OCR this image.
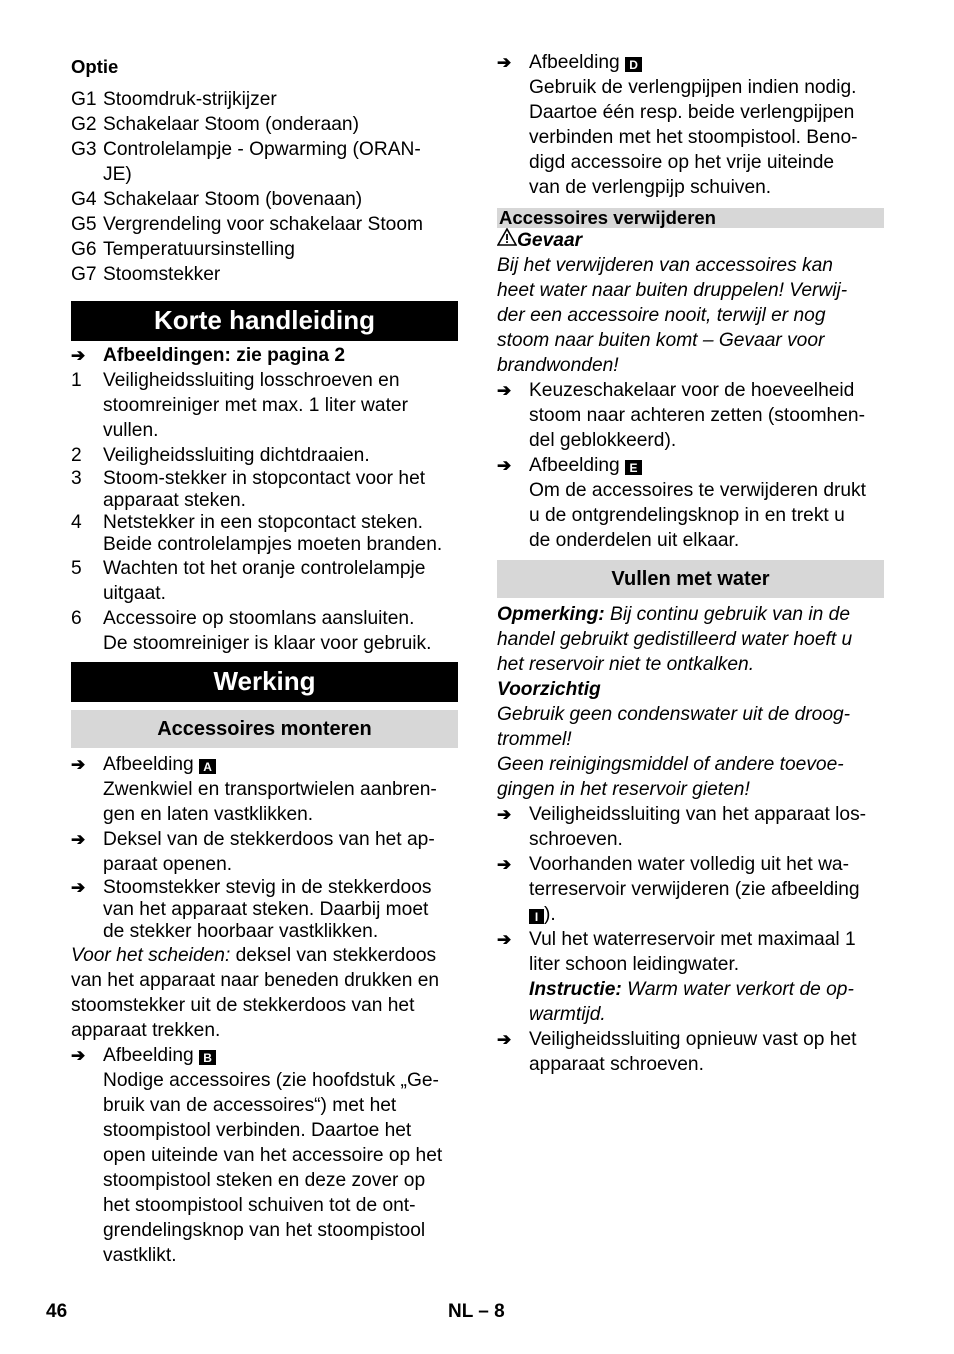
Optie

G1 Stoomdruk-strijkijzer
G2 Schakelaar Stoom (onderaan)
G3 Controlelampje - Opwarming (ORAN-
JE)
G4 Schakelaar Stoom (bovenaan)
G5 Vergrendeling voor schakelaar Stoom
G6 Temperatuursinstelling
G7 Stoomstekker
Korte handleiding
➔ Afbeeldingen: zie pagina 2
1	Veiligheidssluiting losschroeven en
stoomreiniger met max. 1 liter water
vullen.
2	Veiligheidssluiting dichtdraaien.
3	Stoom-stekker in stopcontact voor het
apparaat steken.
4	Netstekker in een stopcontact steken.
Beide controlelampjes moeten branden.
5	Wachten tot het oranje controlelampje
uitgaat.
6	Accessoire op stoomlans aansluiten.
De stoomreiniger is klaar voor gebruik.
Werking
Accessoires monteren
➔ Afbeelding A
Zwenkwiel en transportwielen aanbren-
gen en laten vastklikken.
➔ Deksel van de stekkerdoos van het ap-
paraat openen.
➔ Stoomstekker stevig in de stekkerdoos
van het apparaat steken. Daarbij moet
de stekker hoorbaar vastklikken.
Voor het scheiden: deksel van stekkerdoos
van het apparaat naar beneden drukken en
stoomstekker uit de stekkerdoos van het
apparaat trekken.
➔ Afbeelding B
Nodige accessoires (zie hoofdstuk „Ge-
bruik van de accessoires“) met het
stoompistool verbinden. Daartoe het
open uiteinde van het accessoire op het
stoompistool steken en deze zover op
het stoompistool schuiven tot de ont-
grendelingsknop van het stoompistool
vastklikt.
➔ Afbeelding D
Gebruik de verlengpijpen indien nodig.
Daartoe één resp. beide verlengpijpen
verbinden met het stoompistool. Beno-
digd accessoire op het vrije uiteinde
van de verlengpijp schuiven.
Accessoires verwijderen
Gevaar
Bij het verwijderen van accessoires kan
heet water naar buiten druppelen! Verwij-
der een accessoire nooit, terwijl er nog
stoom naar buiten komt – Gevaar voor
brandwonden!
➔ Keuzeschakelaar voor de hoeveelheid
stoom naar achteren zetten (stoomhen-
del geblokkeerd).
➔ Afbeelding E
Om de accessoires te verwijderen drukt
u de ontgrendelingsknop in en trekt u
de onderdelen uit elkaar.
Vullen met water
Opmerking: Bij continu gebruik van in de
handel gebruikt gedistilleerd water hoeft u
het reservoir niet te ontkalken.
Voorzichtig
Gebruik geen condenswater uit de droog-
trommel!
Geen reinigingsmiddel of andere toevoe-
gingen in het reservoir gieten!
➔ Veiligheidssluiting van het apparaat los-
schroeven.
➔ Voorhanden water volledig uit het wa-
terreservoir verwijderen (zie afbeelding
I ).
➔ Vul het waterreservoir met maximaal 1
liter schoon leidingwater.
Instructie: Warm water verkort de op-
warmtijd.
➔ Veiligheidssluiting opnieuw vast op het
apparaat schroeven.
46	NL – 8
